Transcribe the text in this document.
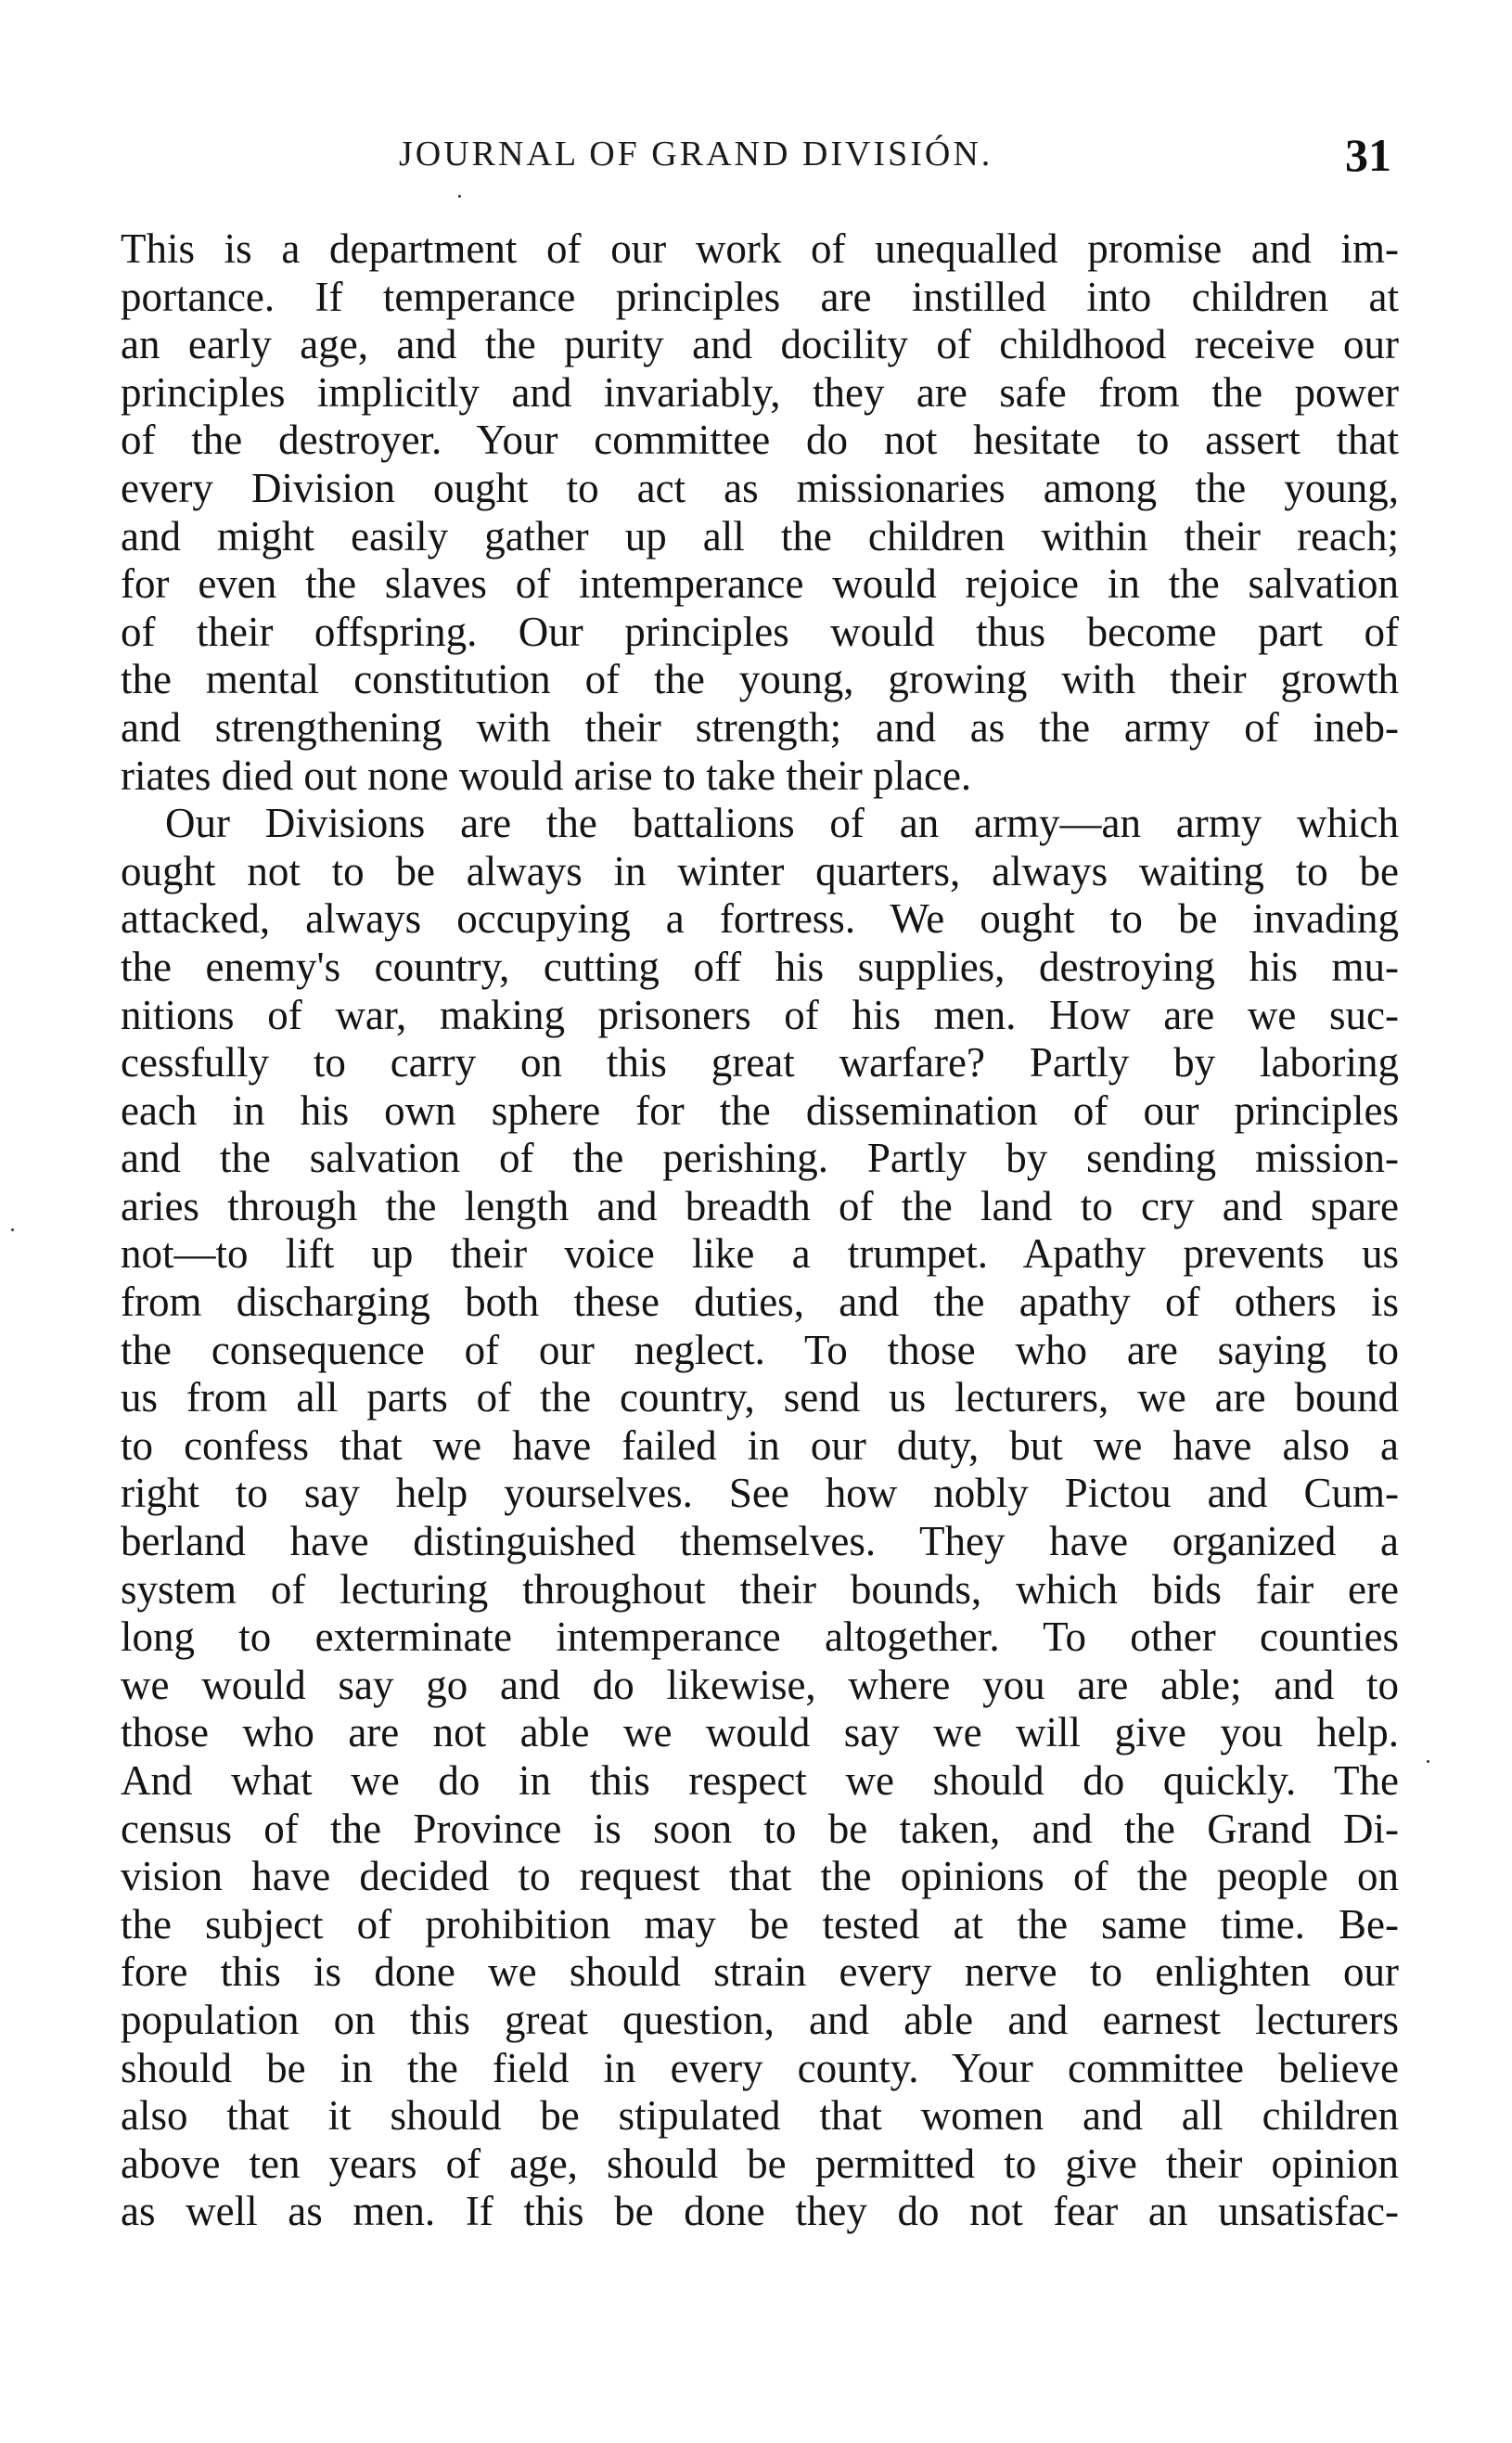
JOURNAL OF GRAND DIVISIÓN.	31
This is a department of our work of unequalled promise and im-
portance. If temperance principles are instilled into children at
an early age, and the purity and docility of childhood receive our
principles implicitly and invariably, they are safe from the power
of the destroyer. Your committee do not hesitate to assert that
every Division ought to act as missionaries among the young,
and might easily gather up all the children within their reach;
for even the slaves of intemperance would rejoice in the salvation
of their offspring. Our principles would thus become part of
the mental constitution of the young, growing with their growth
and strengthening with their strength; and as the army of ineb-
riates died out none would arise to take their place.
Our Divisions are the battalions of an army—an army which
ought not to be always in winter quarters, always waiting to be
attacked, always occupying a fortress. We ought to be invading
the enemy's country, cutting off his supplies, destroying his mu-
nitions of war, making prisoners of his men. How are we suc-
cessfully to carry on this great warfare? Partly by laboring
each in his own sphere for the dissemination of our principles
and the salvation of the perishing. Partly by sending mission-
aries through the length and breadth of the land to cry and spare
not—to lift up their voice like a trumpet. Apathy prevents us
from discharging both these duties, and the apathy of others is
the consequence of our neglect. To those who are saying to
us from all parts of the country, send us lecturers, we are bound
to confess that we have failed in our duty, but we have also a
right to say help yourselves. See how nobly Pictou and Cum-
berland have distinguished themselves. They have organized a
system of lecturing throughout their bounds, which bids fair ere
long to exterminate intemperance altogether. To other counties
we would say go and do likewise, where you are able; and to
those who are not able we would say we will give you help.
And what we do in this respect we should do quickly. The
census of the Province is soon to be taken, and the Grand Di-
vision have decided to request that the opinions of the people on
the subject of prohibition may be tested at the same time. Be-
fore this is done we should strain every nerve to enlighten our
population on this great question, and able and earnest lecturers
should be in the field in every county. Your committee believe
also that it should be stipulated that women and all children
above ten years of age, should be permitted to give their opinion
as well as men. If this be done they do not fear an unsatisfac-
